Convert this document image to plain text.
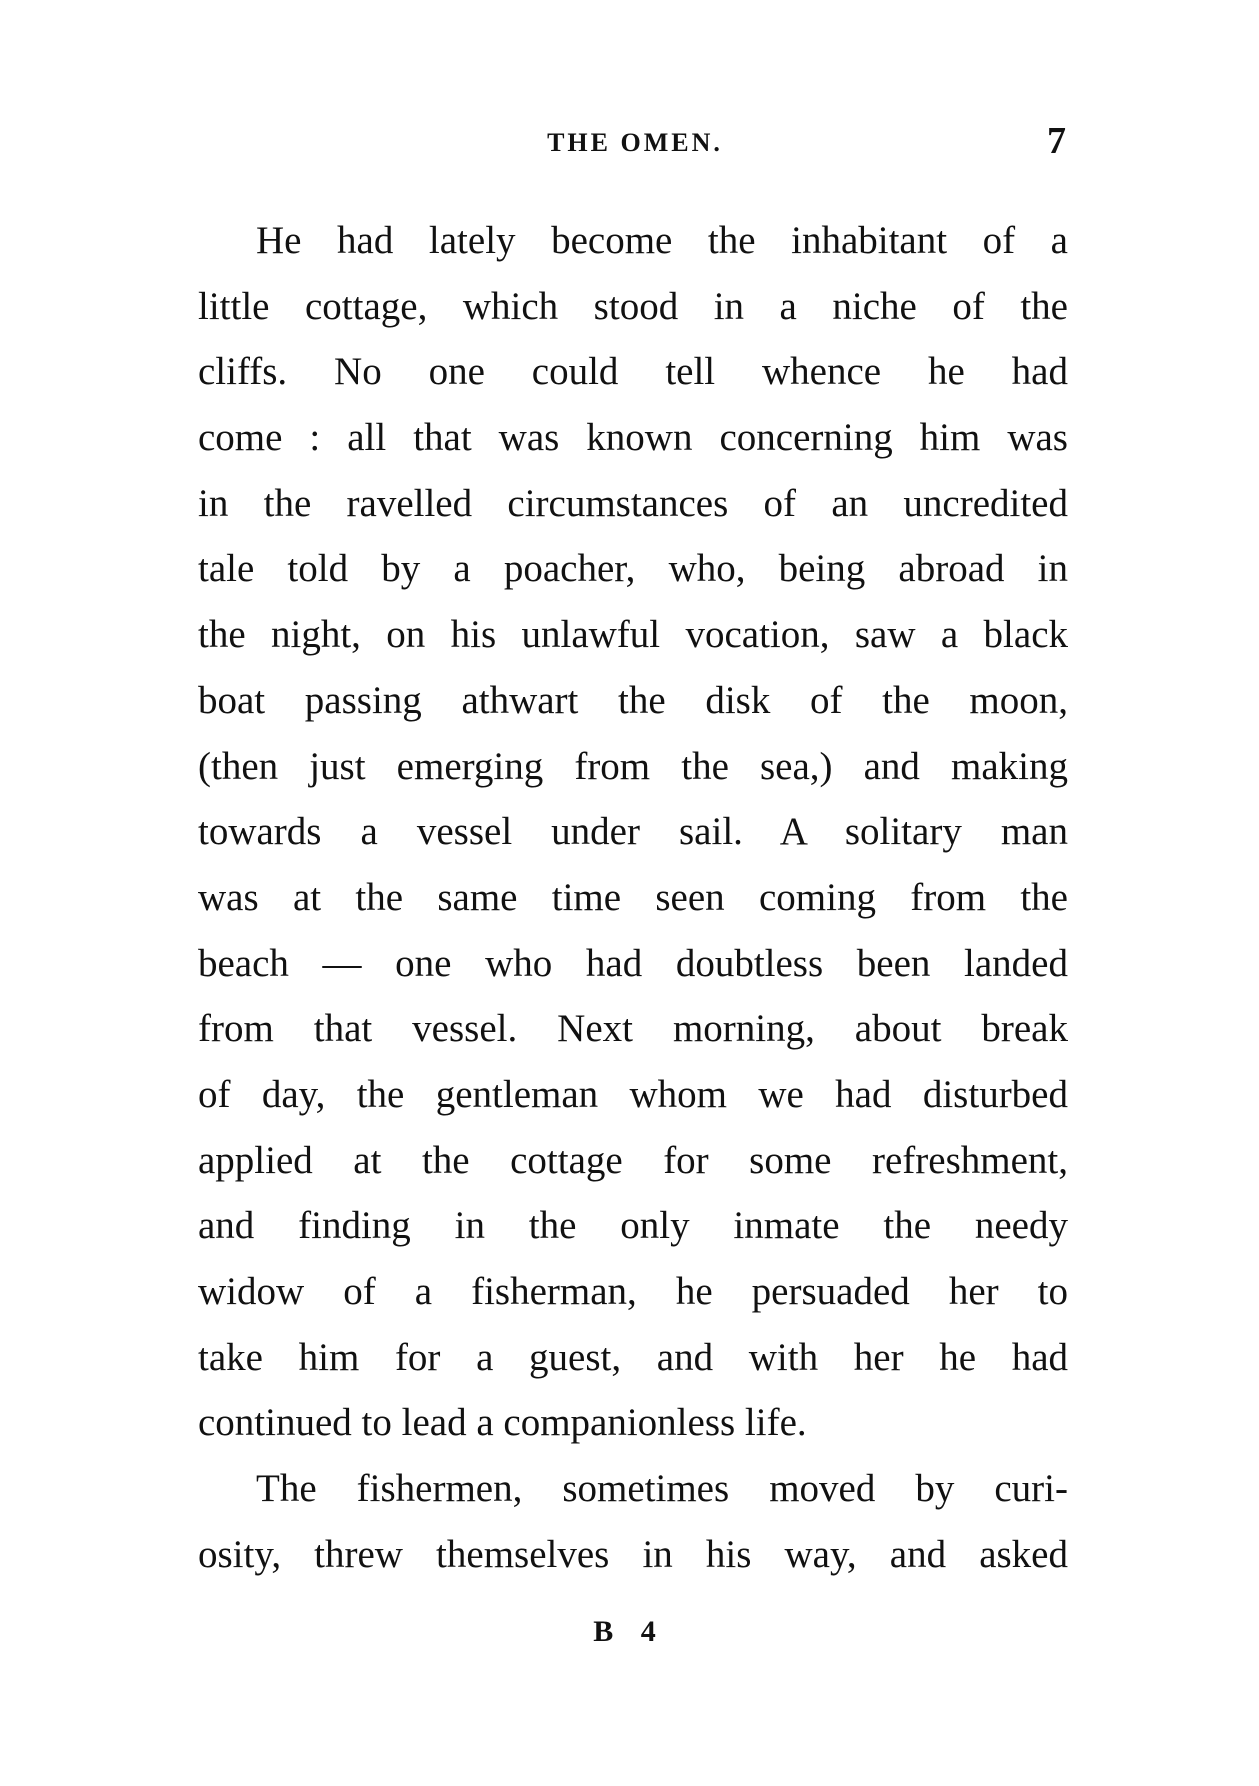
THE OMEN.	7
He had lately become the inhabitant of a
little cottage, which stood in a niche of the
cliffs. No one could tell whence he had
come : all that was known concerning him was
in the ravelled circumstances of an uncredited
tale told by a poacher, who, being abroad in
the night, on his unlawful vocation, saw a black
boat passing athwart the disk of the moon,
(then just emerging from the sea,) and making
towards a vessel under sail. A solitary man
was at the same time seen coming from the
beach — one who had doubtless been landed
from that vessel. Next morning, about break
of day, the gentleman whom we had disturbed
applied at the cottage for some refreshment,
and finding in the only inmate the needy
widow of a fisherman, he persuaded her to
take him for a guest, and with her he had
continued to lead a companionless life.
The fishermen, sometimes moved by curi-
osity, threw themselves in his way, and asked
B 4
